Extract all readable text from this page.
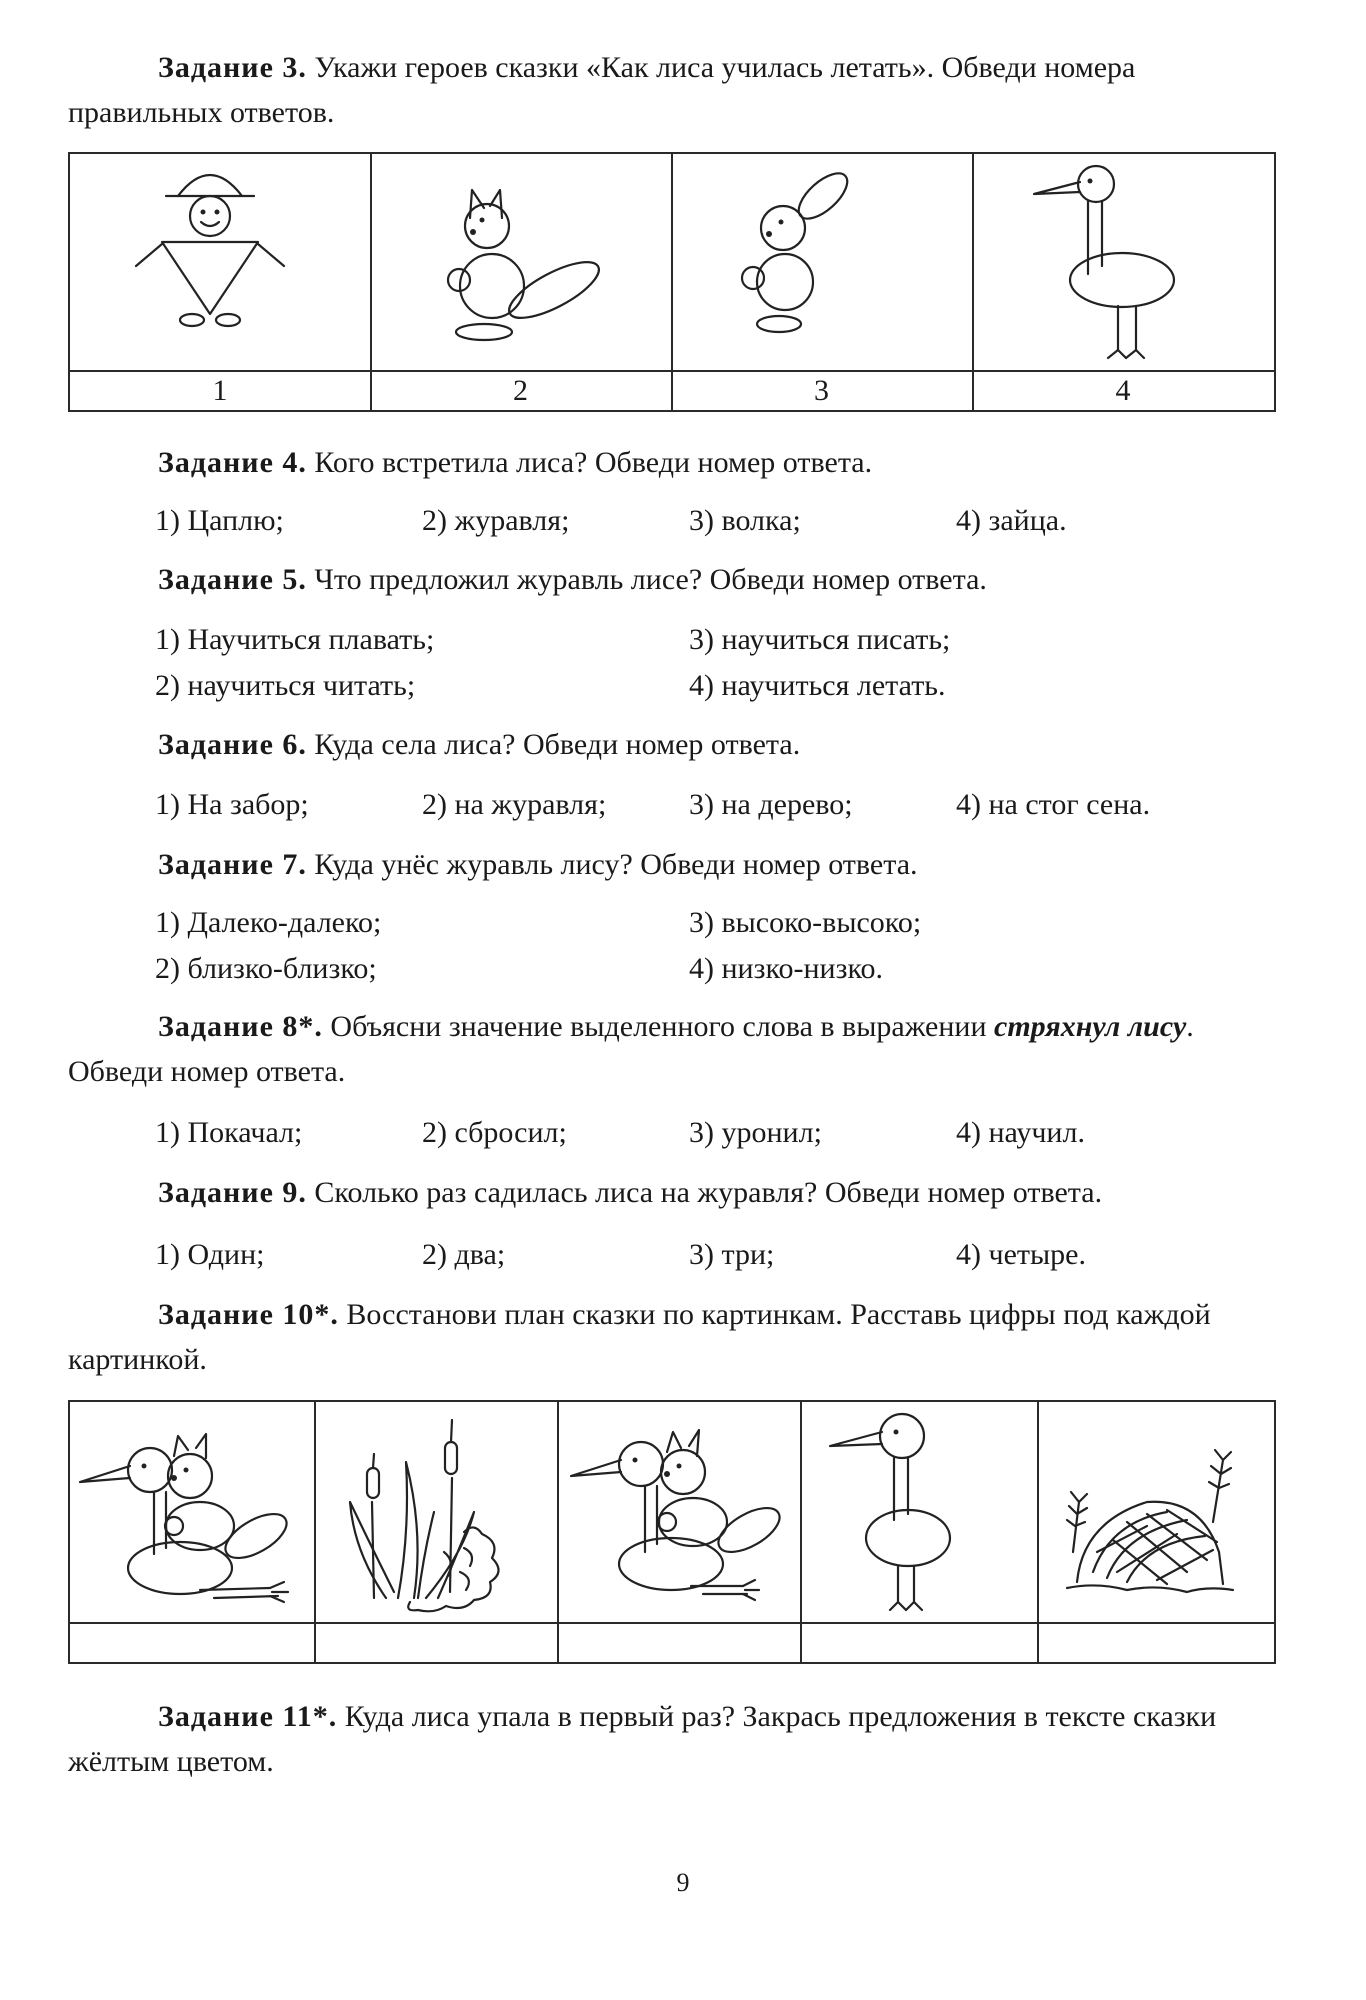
Задание 3. Укажи героев сказки «Как лиса училась летать». Обведи номера правильных ответов.
1	2	3	4
Задание 4. Кого встретила лиса? Обведи номер ответа.
1) Цаплю;	2) журавля;	3) волка;	4) зайца.
Задание 5. Что предложил журавль лисе? Обведи номер ответа.
1) Научиться плавать;	3) научиться писать;
2) научиться читать;	4) научиться летать.
Задание 6. Куда села лиса? Обведи номер ответа.
1) На забор;	2) на журавля;	3) на дерево;	4) на стог сена.
Задание 7. Куда унёс журавль лису? Обведи номер ответа.
1) Далеко-далеко;	3) высоко-высоко;
2) близко-близко;	4) низко-низко.
Задание 8*. Объясни значение выделенного слова в выражении стряхнул лису. Обведи номер ответа.
1) Покачал;	2) сбросил;	3) уронил;	4) научил.
Задание 9. Сколько раз садилась лиса на журавля? Обведи номер ответа.
1) Один;	2) два;	3) три;	4) четыре.
Задание 10*. Восстанови план сказки по картинкам. Расставь цифры под каждой картинкой.
Задание 11*. Куда лиса упала в первый раз? Закрась предложения в тексте сказки жёлтым цветом.
9
